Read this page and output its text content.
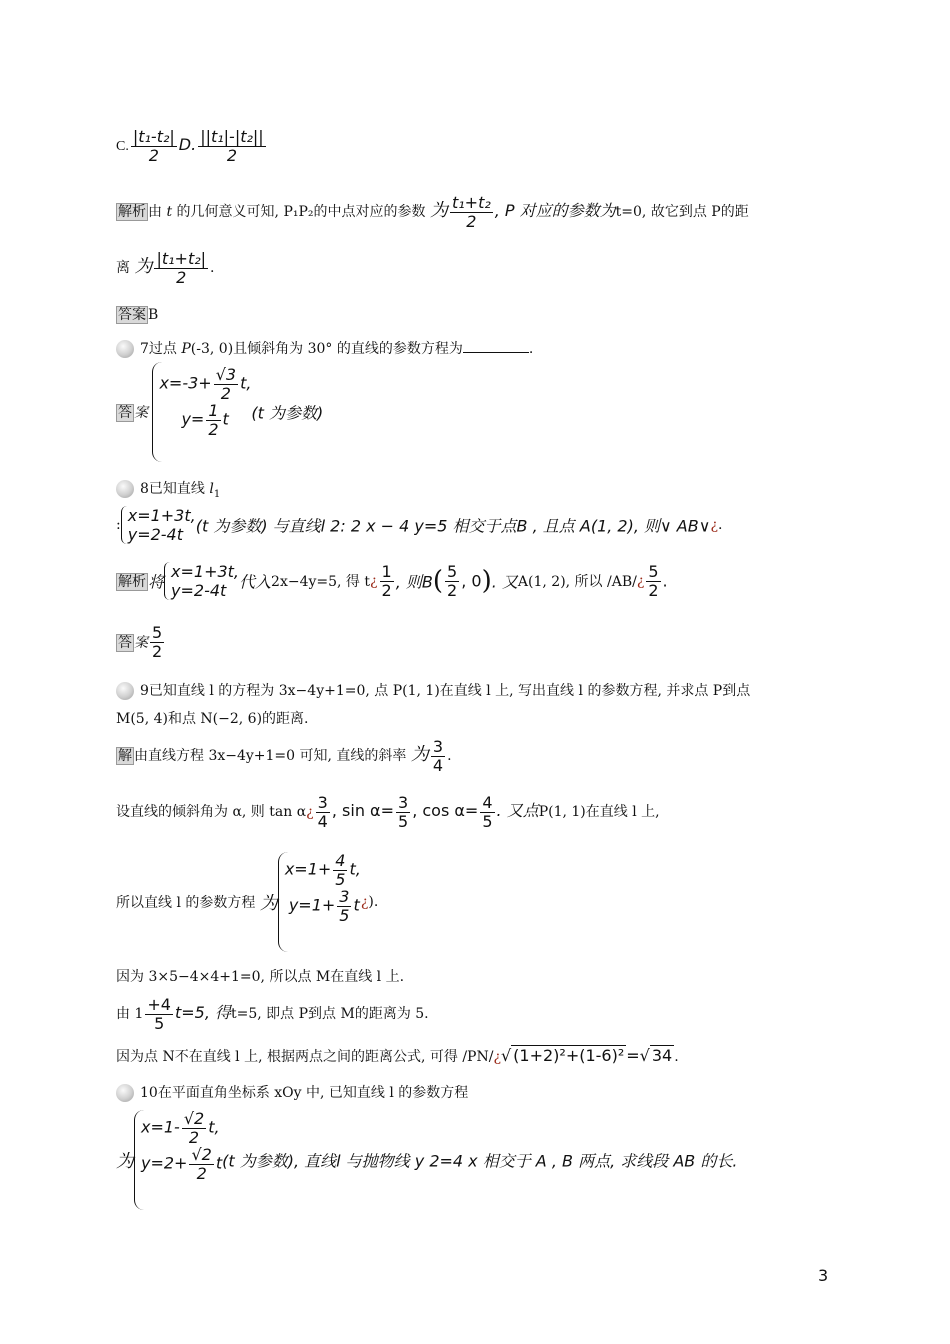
C. $\frac{\text{|t₁-t₂|}}{2} D$. $\frac{\text{||t₁|-|t₂||}}{2}$
解析 由 t 的几何意义可知, P₁P₂的中点对应的参数 为 $\frac{\text{t₁+t₂}}{2}$ , P 对应的参数为t=0, 故它到点 P的距
离 为 $\frac{\text{|t₁+t₂|}}{2}$ .
答案 B
7过点 P(-3, 0)且倾斜角为 30° 的直线的参数方程为	.
答 案
$x=-3+ \frac{√3}{2} t$,
$y= \frac{1}{2}$ t	(t 为参数)
8已知直线 $l_1$
: x=1+3t,
y=2-4t (t 为参数) 与直线l 2: 2 x − 4 y=5 相交于点B , 且点 A(1, 2), 则∨ AB∨¿.
解析 将
x=1+3t,
y=2-4t 代入2x−4y=5, 得 t¿ $\frac{1}{2}$ , 则$B( \frac{5}{2}$ , 0). 又A(1, 2), 所以 /AB/¿ $\frac{5}{2}$ .
答 案 $\frac{5}{2}$
9已知直线 l 的方程为 3x−4y+1=0, 点 P(1, 1)在直线 l 上, 写出直线 l 的参数方程, 并求点 P到点
M(5, 4)和点 N(−2, 6)的距离.
解 由直线方程 3x−4y+1=0 可知, 直线的斜率 为 $\frac{3}{4}$ .
设直线的倾斜角为 α, 则 tan α¿ $\frac{3}{4}$ , $\sin \alpha= \frac{3}{5}$ , $\cos \alpha= \frac{4}{5}$ . 又点P(1, 1)在直线 l 上,
所以直线 l 的参数方程 为
$x=1+ \frac{4}{5} t$,
$y=1+ \frac{3}{5}$ t ¿).
因为 3×5−4×4+1=0, 所以点 M在直线 l 上.
由 $1 \frac{+4}{5} t=5$, 得t=5, 即点 P到点 M的距离为 5.
因为点 N不在直线 l 上, 根据两点之间的距离公式, 可得 /PN/¿√ (1+2)²+(1-6)² =√ 34 .
10在平面直角坐标系 xOy 中, 已知直线 l 的参数方程
为
$x=1- \frac{√2}{2} t$,
$y=2+ \frac{√2}{2}$ t (t 为参数), 直线l 与抛物线 y 2=4 x 相交于 A , B 两点, 求线段 AB 的长.
3
